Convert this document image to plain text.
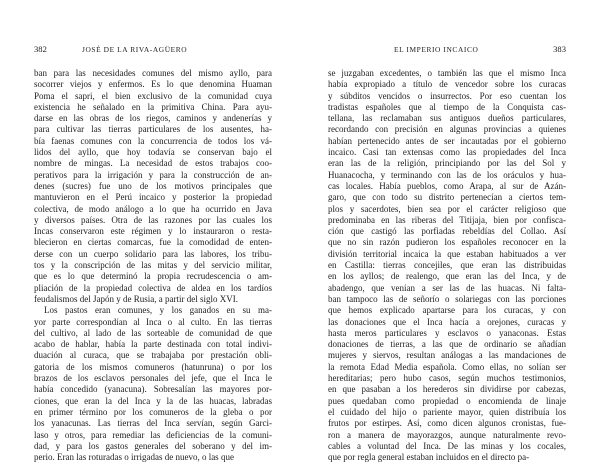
382	JOSÉ DE LA RIVA-AGÜERO
ban para las necesidades comunes del mismo ayllo, para
socorrer viejos y enfermos. Es lo que denomina Huaman
Poma el sapri, el bien exclusivo de la comunidad cuya
existencia he señalado en la primitiva China. Para ayu-
darse en las obras de los riegos, caminos y andenerías y
para cultivar las tierras particulares de los ausentes, ha-
bía faenas comunes con la concurrencia de todos los vá-
lidos del ayllo, que hoy todavía se conservan bajo el
nombre de mingas. La necesidad de estos trabajos coo-
perativos para la irrigación y para la construcción de an-
denes (sucres) fue uno de los motivos principales que
mantuvieron en el Perú incaico y posterior la propiedad
colectiva, de modo análogo a lo que ha ocurrido en Java
y diversos países. Otra de las razones por las cuales los
Incas conservaron este régimen y lo instauraron o resta-
blecieron en ciertas comarcas, fue la comodidad de enten-
derse con un cuerpo solidario para las labores, los tribu-
tos y la conscripción de las mitas y del servicio militar,
que es lo que determinó la propia recrudescencia o am-
pliación de la propiedad colectiva de aldea en los tardíos
feudalismos del Japón y de Rusia, a partir del siglo XVI.
Los pastos eran comunes, y los ganados en su ma-
yor parte correspondían al Inca o al culto. En las tierras
del cultivo, al lado de las sorteable de comunidad de que
acabo de hablar, había la parte destinada con total indivi-
duación al curaca, que se trabajaba por prestación obli-
gatoria de los mismos comuneros (hatunruna) o por los
brazos de los esclavos personales del jefe, que el Inca le
había concedido (yanacuna). Sobresalían las mayores por-
ciones, que eran la del Inca y la de las huacas, labradas
en primer término por los comuneros de la gleba o por
los yanacunas. Las tierras del Inca servían, según Garci-
laso y otros, para remediar las deficiencias de la comuni-
dad, y para los gastos generales del soberano y del im-
perio. Eran las roturadas o irrigadas de nuevo, o las que
EL IMPERIO INCAICO	383
se juzgaban excedentes, o también las que el mismo Inca
había expropiado a título de vencedor sobre los curacas
y súbditos vencidos o insurrectos. Por eso cuentan los
tradistas españoles que al tiempo de la Conquista cas-
tellana, las reclamaban sus antiguos dueños particulares,
recordando con precisión en algunas provincias a quienes
habían pertenecido antes de ser incautadas por el gobierno
incaico. Casi tan extensas como las propiedades del Inca
eran las de la religión, principiando por las del Sol y
Huanacocha, y terminando con las de los oráculos y hua-
cas locales. Había pueblos, como Arapa, al sur de Azán-
garo, que con todo su distrito pertenecían a ciertos tem-
plos y sacerdotes, bien sea por el carácter religioso que
predominaba en las riberas del Titijaja, bien por confisca-
ción que castigó las porfiadas rebeldías del Collao. Así
que no sin razón pudieron los españoles reconocer en la
división territorial incaica la que estaban habituados a ver
en Castilla: tierras concejiles, que eran las distribuidas
en los ayllos; de realengo, que eran las del Inca, y de
abadengo, que venían a ser las de las huacas. Ni falta-
ban tampoco las de señorío o solariegas con las porciones
que hemos explicado apartarse para los curacas, y con
las donaciones que el Inca hacía a orejones, curacas y
hasta meros particulares y esclavos o yanaconas. Estas
donaciones de tierras, a las que de ordinario se añadían
mujeres y siervos, resultan análogas a las mandaciones de
la remota Edad Media española. Como ellas, no solían ser
hereditarias; pero hubo casos, según muchos testimonios,
en que pasaban a los herederos sin dividirse por cabezas,
pues quedaban como propiedad o encomienda de linaje
el cuidado del hijo o pariente mayor, quien distribuía los
frutos por estirpes. Así, como dicen algunos cronistas, fue-
ron a manera de mayorazgos, aunque naturalmente revo-
cables a voluntad del Inca. De las minas y los cocales,
que por regla general estaban incluidos en el directo pa-
